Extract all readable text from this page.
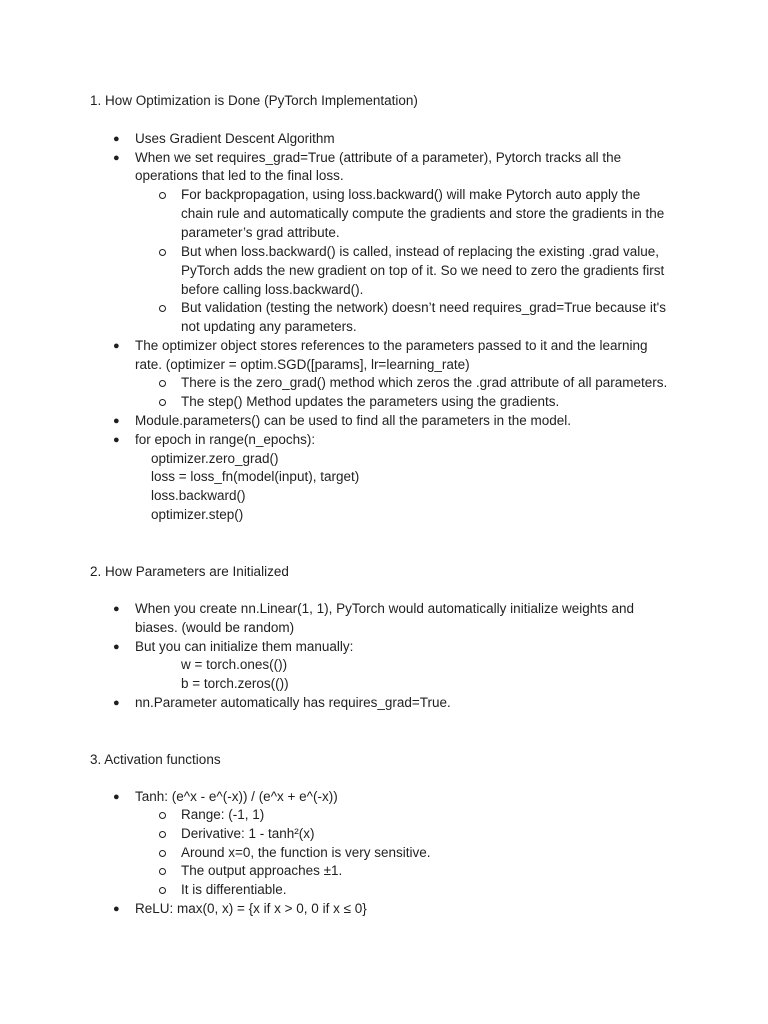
1. How Optimization is Done (PyTorch Implementation)
● Uses Gradient Descent Algorithm
● When we set requires_grad=True (attribute of a parameter), Pytorch tracks all the
operations that led to the final loss.
For backpropagation, using loss.backward() will make Pytorch auto apply the
chain rule and automatically compute the gradients and store the gradients in the
parameter’s grad attribute.
But when loss.backward() is called, instead of replacing the existing .grad value,
PyTorch adds the new gradient on top of it. So we need to zero the gradients first
before calling loss.backward().
But validation (testing the network) doesn’t need requires_grad=True because it's
not updating any parameters.
● The optimizer object stores references to the parameters passed to it and the learning
rate. (optimizer = optim.SGD([params], lr=learning_rate)
There is the zero_grad() method which zeros the .grad attribute of all parameters.
The step() Method updates the parameters using the gradients.
● Module.parameters() can be used to find all the parameters in the model.
● for epoch in range(n_epochs):
optimizer.zero_grad()
loss = loss_fn(model(input), target)
loss.backward()
optimizer.step()
2. How Parameters are Initialized
● When you create nn.Linear(1, 1), PyTorch would automatically initialize weights and
biases. (would be random)
● But you can initialize them manually:
w = torch.ones(())
b = torch.zeros(())
● nn.Parameter automatically has requires_grad=True.
3. Activation functions
● Tanh: (e^x - e^(-x)) / (e^x + e^(-x))
Range: (-1, 1)
Derivative: 1 - tanh²(x)
Around x=0, the function is very sensitive.
The output approaches ±1.
It is differentiable.
● ReLU: max(0, x) = {x if x > 0, 0 if x ≤ 0}
